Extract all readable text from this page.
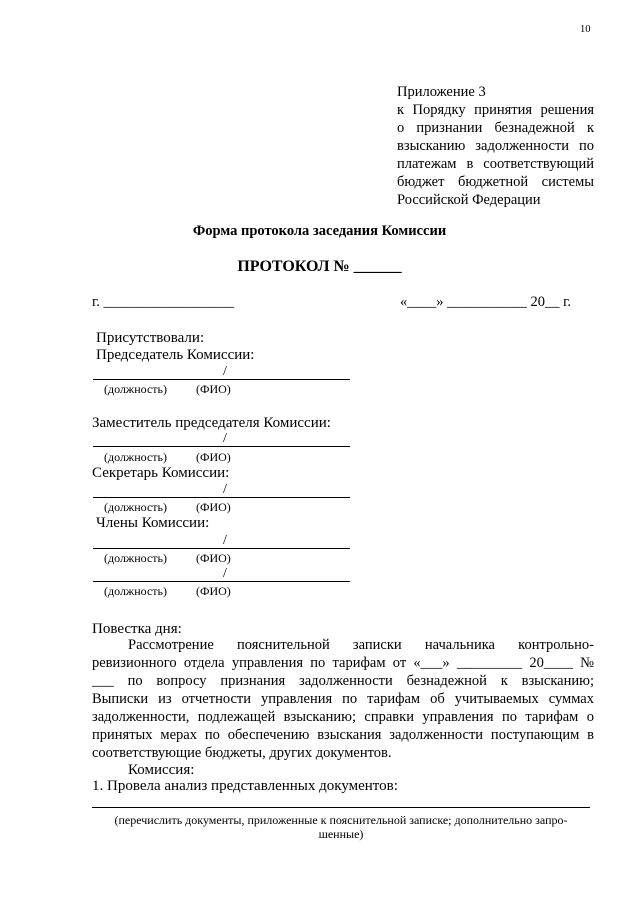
10
Приложение 3
к Порядку принятия решения
о признании безнадежной к
взысканию задолженности по
платежам в соответствующий
бюджет бюджетной системы
Российской Федерации
Форма протокола заседания Комиссии
ПРОТОКОЛ № ______
г. __________________	«____» ___________ 20__ г.
Присутствовали:
Председатель Комиссии:
/
(должность) (ФИО)
Заместитель председателя Комиссии:
/
(должность) (ФИО)
Секретарь Комиссии:
/
(должность) (ФИО)
Члены Комиссии:
/
(должность) (ФИО)
/
(должность) (ФИО)
Повестка дня:
Рассмотрение пояснительной записки начальника контрольно-
ревизионного отдела управления по тарифам от «___» _________ 20____ №
___ по вопросу признания задолженности безнадежной к взысканию;
Выписки из отчетности управления по тарифам об учитываемых суммах
задолженности, подлежащей взысканию; справки управления по тарифам о
принятых мерах по обеспечению взыскания задолженности поступающим в
соответствующие бюджеты, других документов.
Комиссия:
1. Провела анализ представленных документов:
(перечислить документы, приложенные к пояснительной записке; дополнительно запро- шенные)
